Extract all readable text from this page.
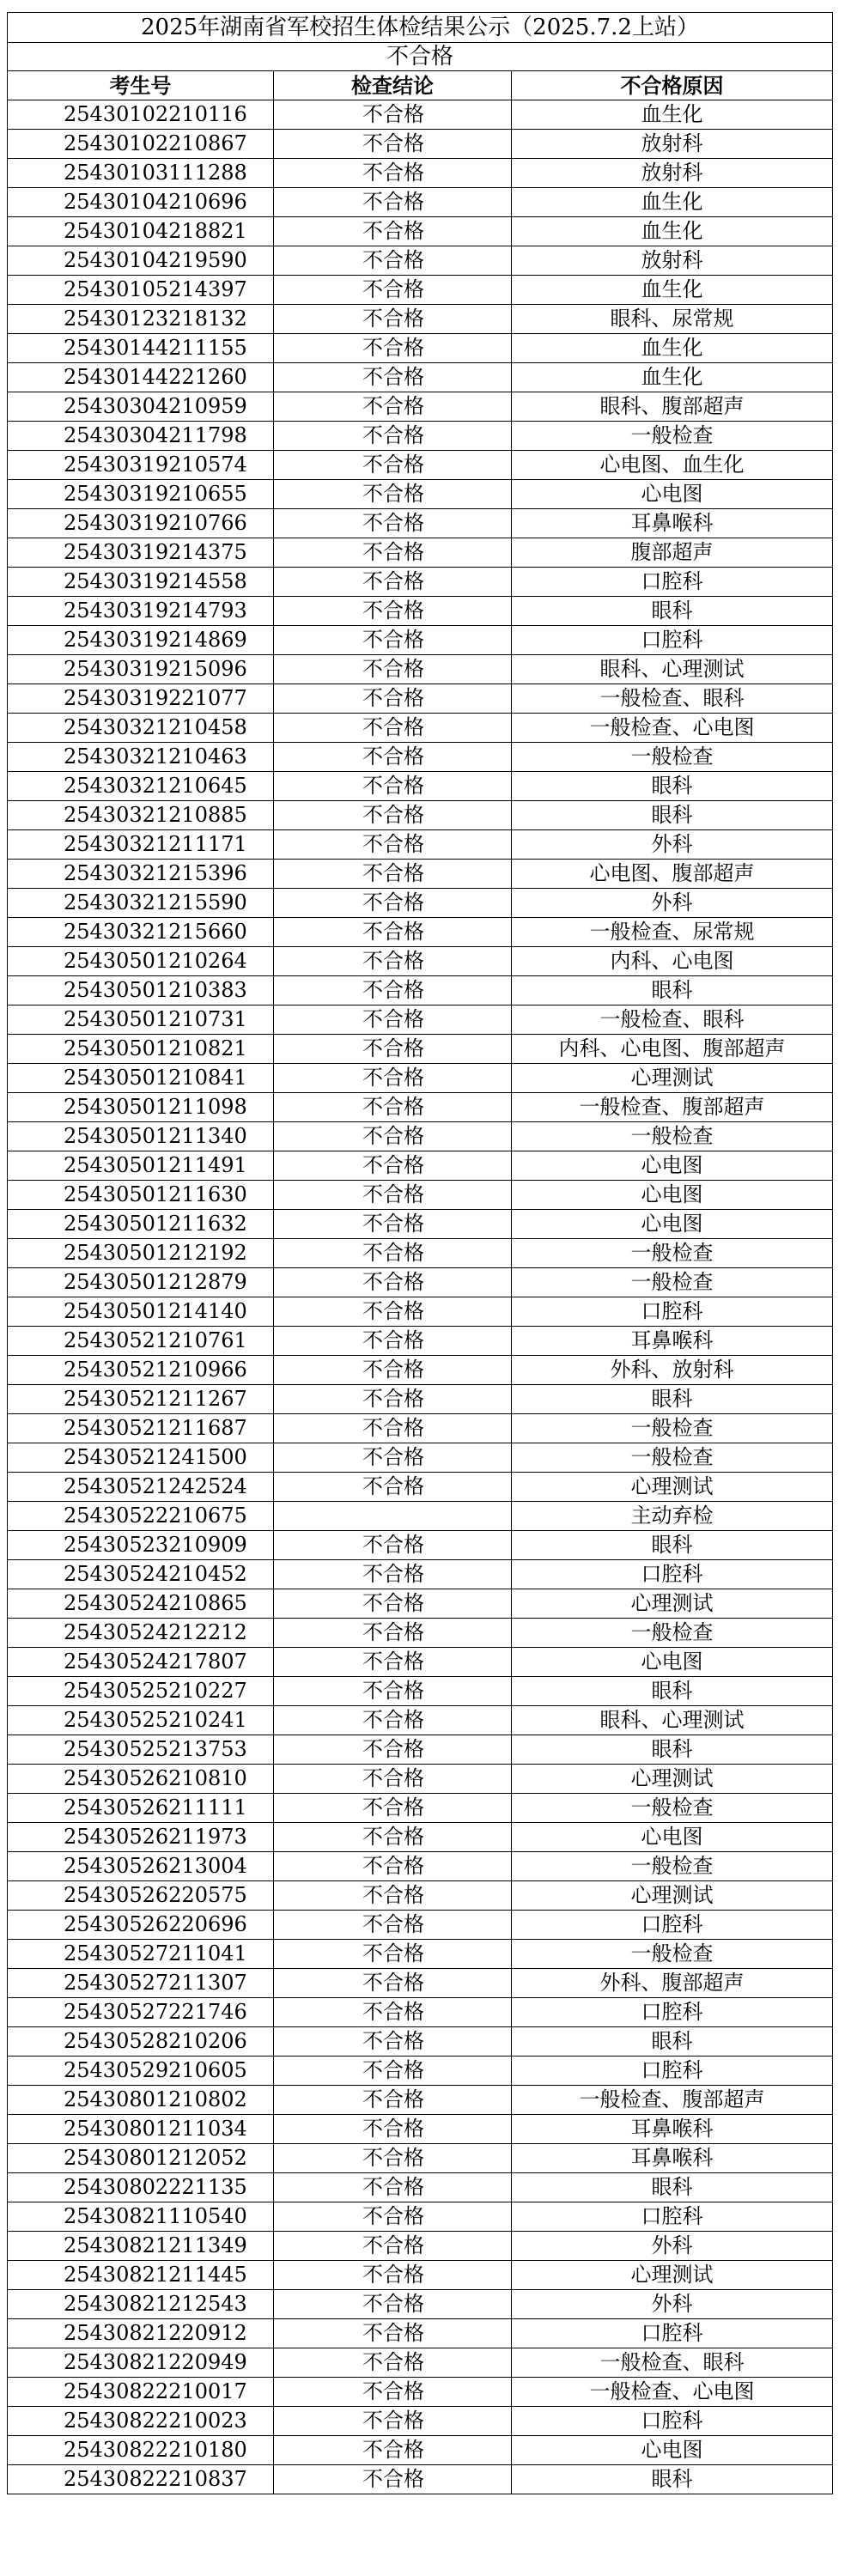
2025年湖南省军校招生体检结果公示（2025.7.2上站）		
不合格		
考生号	检查结论	不合格原因
25430102210116	不合格	血生化
25430102210867	不合格	放射科
25430103111288	不合格	放射科
25430104210696	不合格	血生化
25430104218821	不合格	血生化
25430104219590	不合格	放射科
25430105214397	不合格	血生化
25430123218132	不合格	眼科、尿常规
25430144211155	不合格	血生化
25430144221260	不合格	血生化
25430304210959	不合格	眼科、腹部超声
25430304211798	不合格	一般检查
25430319210574	不合格	心电图、血生化
25430319210655	不合格	心电图
25430319210766	不合格	耳鼻喉科
25430319214375	不合格	腹部超声
25430319214558	不合格	口腔科
25430319214793	不合格	眼科
25430319214869	不合格	口腔科
25430319215096	不合格	眼科、心理测试
25430319221077	不合格	一般检查、眼科
25430321210458	不合格	一般检查、心电图
25430321210463	不合格	一般检查
25430321210645	不合格	眼科
25430321210885	不合格	眼科
25430321211171	不合格	外科
25430321215396	不合格	心电图、腹部超声
25430321215590	不合格	外科
25430321215660	不合格	一般检查、尿常规
25430501210264	不合格	内科、心电图
25430501210383	不合格	眼科
25430501210731	不合格	一般检查、眼科
25430501210821	不合格	内科、心电图、腹部超声
25430501210841	不合格	心理测试
25430501211098	不合格	一般检查、腹部超声
25430501211340	不合格	一般检查
25430501211491	不合格	心电图
25430501211630	不合格	心电图
25430501211632	不合格	心电图
25430501212192	不合格	一般检查
25430501212879	不合格	一般检查
25430501214140	不合格	口腔科
25430521210761	不合格	耳鼻喉科
25430521210966	不合格	外科、放射科
25430521211267	不合格	眼科
25430521211687	不合格	一般检查
25430521241500	不合格	一般检查
25430521242524	不合格	心理测试
25430522210675		主动弃检
25430523210909	不合格	眼科
25430524210452	不合格	口腔科
25430524210865	不合格	心理测试
25430524212212	不合格	一般检查
25430524217807	不合格	心电图
25430525210227	不合格	眼科
25430525210241	不合格	眼科、心理测试
25430525213753	不合格	眼科
25430526210810	不合格	心理测试
25430526211111	不合格	一般检查
25430526211973	不合格	心电图
25430526213004	不合格	一般检查
25430526220575	不合格	心理测试
25430526220696	不合格	口腔科
25430527211041	不合格	一般检查
25430527211307	不合格	外科、腹部超声
25430527221746	不合格	口腔科
25430528210206	不合格	眼科
25430529210605	不合格	口腔科
25430801210802	不合格	一般检查、腹部超声
25430801211034	不合格	耳鼻喉科
25430801212052	不合格	耳鼻喉科
25430802221135	不合格	眼科
25430821110540	不合格	口腔科
25430821211349	不合格	外科
25430821211445	不合格	心理测试
25430821212543	不合格	外科
25430821220912	不合格	口腔科
25430821220949	不合格	一般检查、眼科
25430822210017	不合格	一般检查、心电图
25430822210023	不合格	口腔科
25430822210180	不合格	心电图
25430822210837	不合格	眼科
